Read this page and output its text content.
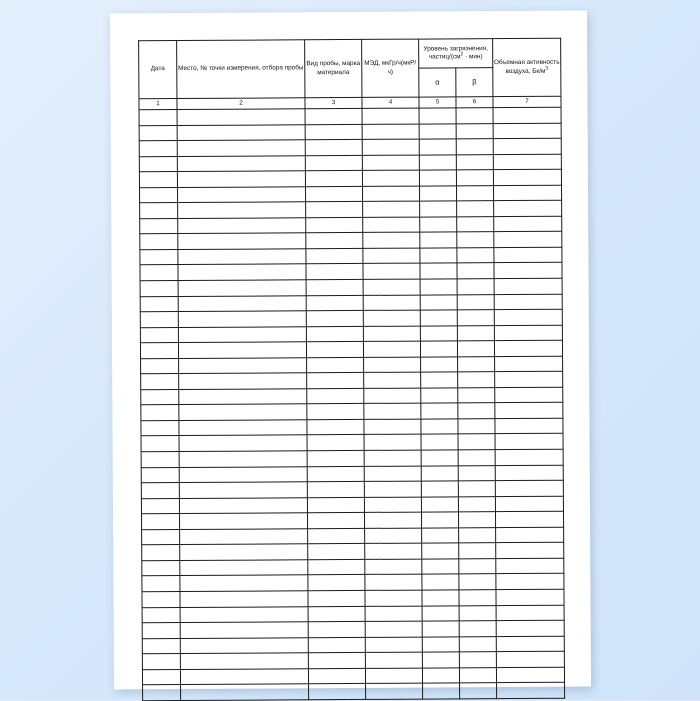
Дата	Место, № точки измерения, отбора пробы	Вид пробы, марка материала	МЭД, мкГр/ч(мкР/ч)	Уровень загрязнения, частиц/$(см^2 \cdot мин)$		Объемная активность воздуха, $Бк/м^3$
				α	β	
1	2	3	4	5	6	7
